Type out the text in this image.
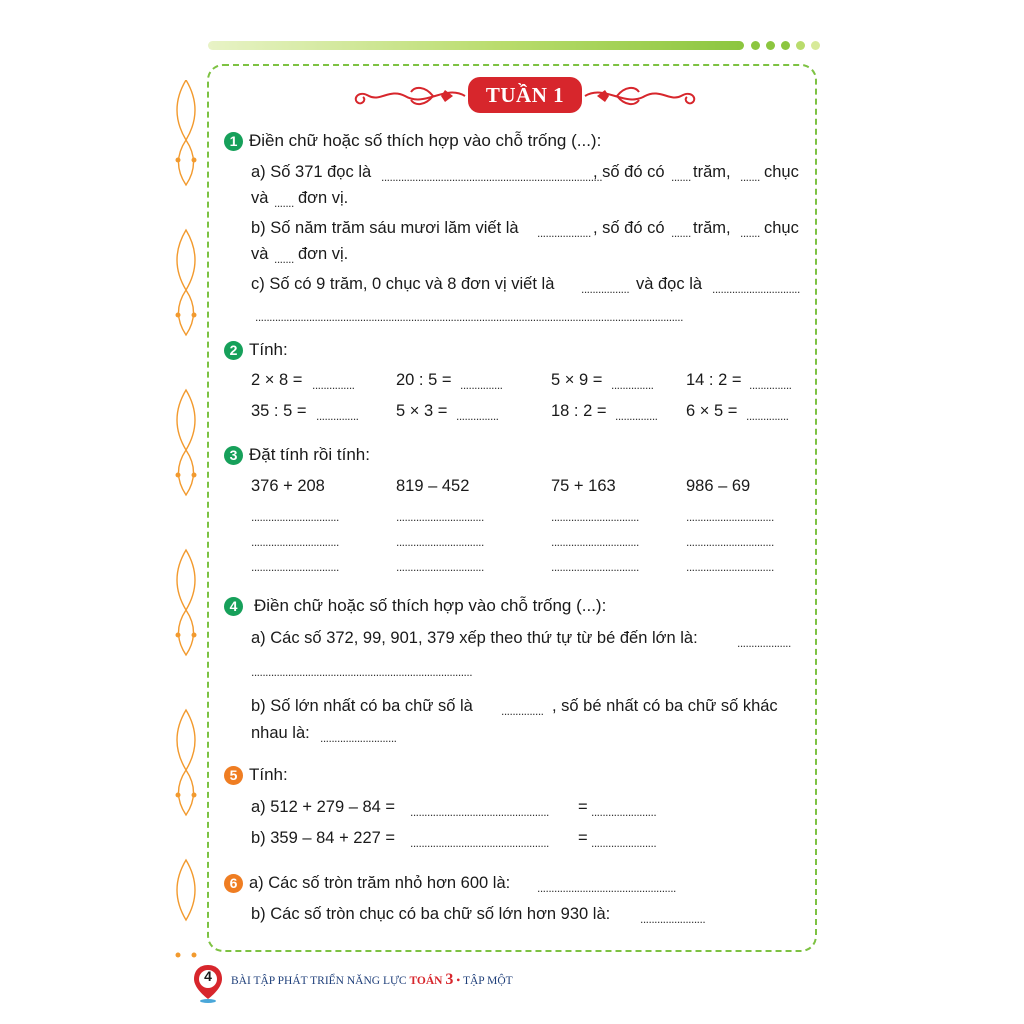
TUẦN 1
1 Điền chữ hoặc số thích hợp vào chỗ trống (...):
a) Số 371 đọc là ..............................................................................
, số đó có ....... trăm, ....... chục
và ....... đơn vị.
b) Số năm trăm sáu mươi lăm viết là ................... , số đó có ....... trăm, ....... chục
và ....... đơn vị.
c) Số có 9 trăm, 0 chục và 8 đơn vị viết là ................. và đọc là ...............................
.......................................................................................................................................................
2 Tính:
2 × 8 = ...............	20 : 5 = ...............	5 × 9 = ............... 14 : 2 = ...............
35 : 5 = ............... 5 × 3 = ...............	18 : 2 = ............... 6 × 5 = ...............
3 Đặt tính rồi tính:
376 + 208	819 – 452	75 + 163	986 – 69
...............................	...............................	...............................	...............................
...............................	...............................	...............................	...............................
...............................	...............................	...............................	...............................
4 Điền chữ hoặc số thích hợp vào chỗ trống (...):
a) Các số 372, 99, 901, 379 xếp theo thứ tự từ bé đến lớn là:	...................
..............................................................................
b) Số lớn nhất có ba chữ số là ............... , số bé nhất có ba chữ số khác
nhau là: ...........................
5 Tính:
a) 512 + 279 – 84 = ................................................. = .......................
b) 359 – 84 + 227 = ................................................. = .......................
6 a) Các số tròn trăm nhỏ hơn 600 là: .................................................
b) Các số tròn chục có ba chữ số lớn hơn 930 là: .......................
4	BÀI TẬP PHÁT TRIỂN NĂNG LỰC TOÁN 3 • TẬP MỘT
